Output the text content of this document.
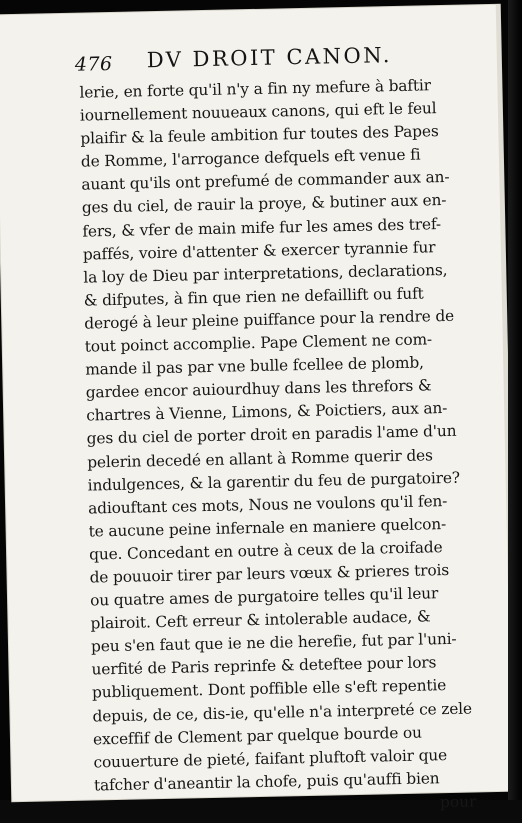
476 DV DROIT CANON.
lerie, en forte qu'il n'y a fin ny mefure à baftir
iournellement nouueaux canons, qui eft le feul
plaifir & la feule ambition fur toutes des Papes
de Romme, l'arrogance defquels eft venue fi
auant qu'ils ont prefumé de commander aux an-
ges du ciel, de rauir la proye, & butiner aux en-
fers, & vfer de main mife fur les ames des tref-
paffés, voire d'attenter & exercer tyrannie fur
la loy de Dieu par interpretations, declarations,
& difputes, à fin que rien ne defaillift ou fuft
derogé à leur pleine puiffance pour la rendre de
tout poinct accomplie. Pape Clement ne com-
mande il pas par vne bulle fcellee de plomb,
gardee encor auiourdhuy dans les threfors &
chartres à Vienne, Limons, & Poictiers, aux an-
ges du ciel de porter droit en paradis l'ame d'un
pelerin decedé en allant à Romme querir des
indulgences, & la garentir du feu de purgatoire?
adiouftant ces mots, Nous ne voulons qu'il fen-
te aucune peine infernale en maniere quelcon-
que. Concedant en outre à ceux de la croifade
de pouuoir tirer par leurs vœux & prieres trois
ou quatre ames de purgatoire telles qu'il leur
plairoit. Ceft erreur & intolerable audace, &
peu s'en faut que ie ne die herefie, fut par l'uni-
uerfité de Paris reprinfe & deteftee pour lors
publiquement. Dont poffible elle s'eft repentie
depuis, de ce, dis-ie, qu'elle n'a interpreté ce zele
exceffif de Clement par quelque bourde ou
couuerture de pieté, faifant pluftoft valoir que
tafcher d'aneantir la chofe, puis qu'auffi bien
pour
